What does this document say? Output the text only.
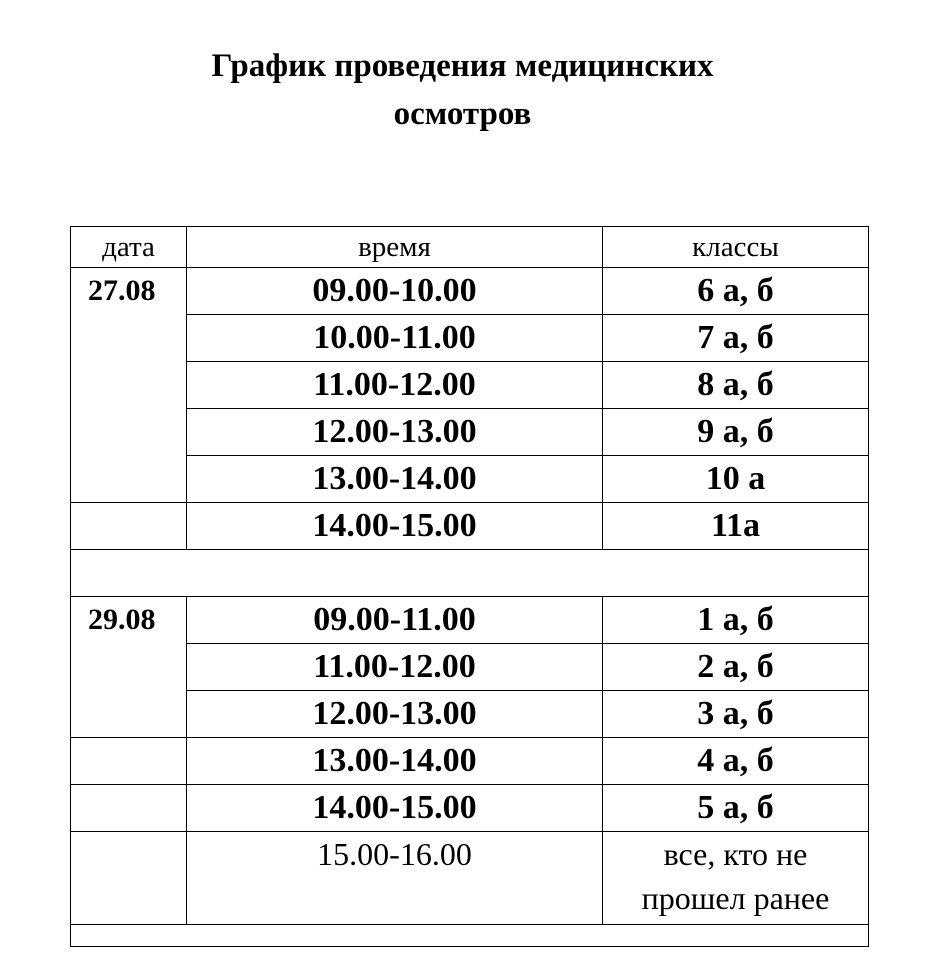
График проведения медицинских
осмотров
дата	время	классы
27.08	09.00-10.00	6 а, б
	10.00-11.00	7 а, б
	11.00-12.00	8 а, б
	12.00-13.00	9 а, б
	13.00-14.00	10 а
	14.00-15.00	11а

29.08	09.00-11.00	1 а, б
	11.00-12.00	2 а, б
	12.00-13.00	3 а, б
	13.00-14.00	4 а, б
	14.00-15.00	5 а, б
	15.00-16.00	все, кто не
прошел ранее
